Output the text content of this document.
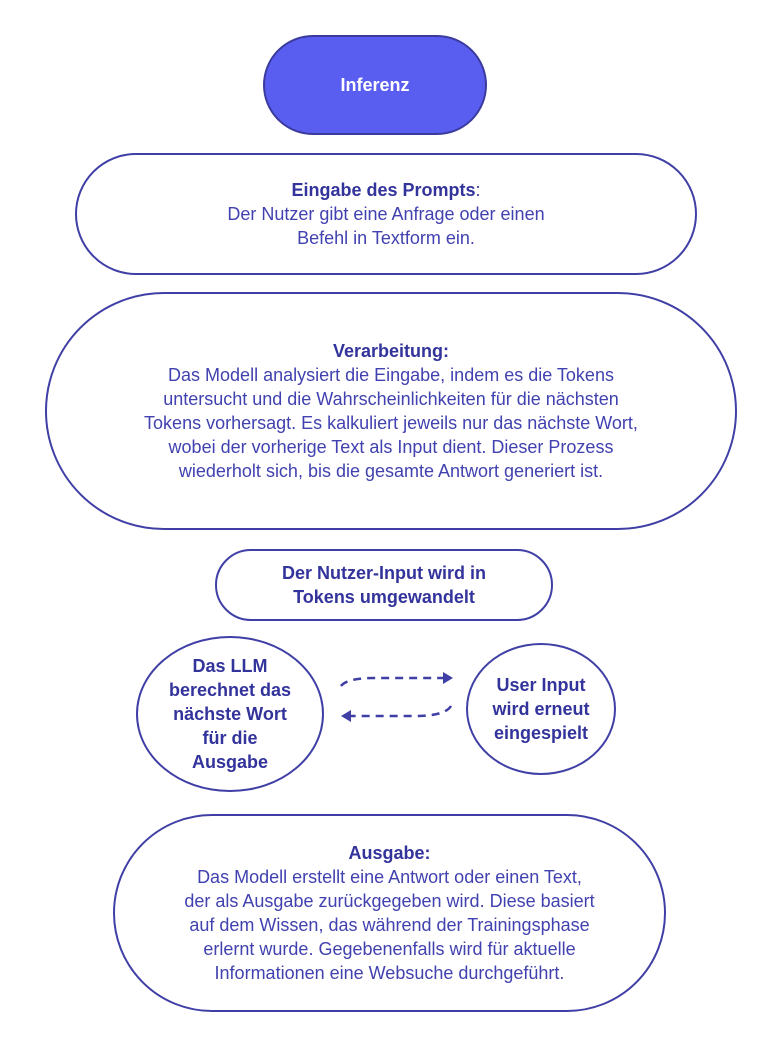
Inferenz
Eingabe des Prompts:
Der Nutzer gibt eine Anfrage oder einen
Befehl in Textform ein.
Verarbeitung:
Das Modell analysiert die Eingabe, indem es die Tokens
untersucht und die Wahrscheinlichkeiten für die nächsten
Tokens vorhersagt. Es kalkuliert jeweils nur das nächste Wort,
wobei der vorherige Text als Input dient. Dieser Prozess
wiederholt sich, bis die gesamte Antwort generiert ist.
Der Nutzer-Input wird in
Tokens umgewandelt
Das LLM
berechnet das
nächste Wort
für die
Ausgabe
User Input
wird erneut
eingespielt
Ausgabe:
Das Modell erstellt eine Antwort oder einen Text,
der als Ausgabe zurückgegeben wird. Diese basiert
auf dem Wissen, das während der Trainingsphase
erlernt wurde. Gegebenenfalls wird für aktuelle
Informationen eine Websuche durchgeführt.
